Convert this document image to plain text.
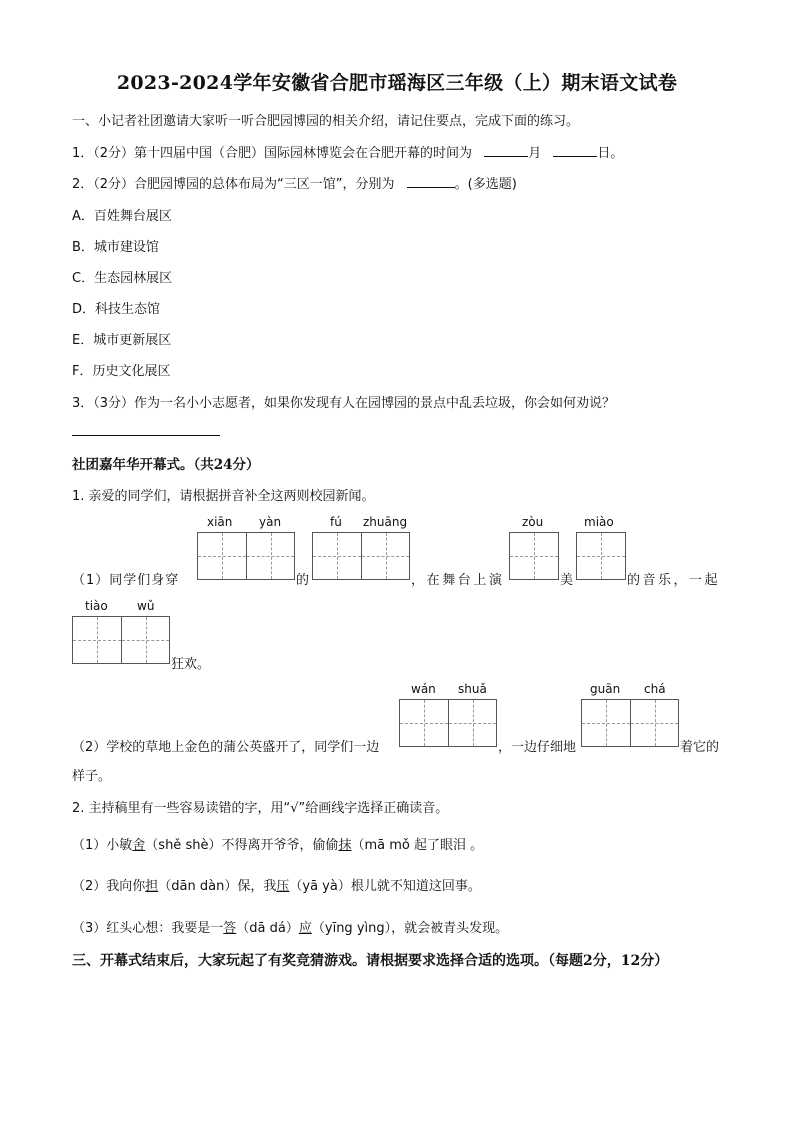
2023-2024学年安徽省合肥市瑶海区三年级（上）期末语文试卷
一、小记者社团邀请大家听一听合肥园博园的相关介绍，请记住要点，完成下面的练习。
1．（2分）第十四届中国（合肥）国际园林博览会在合肥开幕的时间为	月	日。
2．（2分）合肥园博园的总体布局为“三区一馆”，分别为	。(多选题)
A．百姓舞台展区
B．城市建设馆
C．生态园林展区
D．科技生态馆
E．城市更新展区
F．历史文化展区
3．（3分）作为一名小小志愿者，如果你发现有人在园博园的景点中乱丢垃圾，你会如何劝说？
社团嘉年华开幕式。（共24分）
1. 亲爱的同学们，请根据拼音补全这两则校园新闻。
xiān yàn	fú zhuāng	zòu	miào
（1）同学们身穿	的	，在舞台上演	美	的音乐，一起
tiào wǔ
狂欢。
wán shuǎ	guān chá
（2）学校的草地上金色的蒲公英盛开了，同学们一边	，一边仔细地	着它的
样子。
2. 主持稿里有一些容易读错的字，用“√”给画线字选择正确读音。
（1）小敏舍（shě shè）不得离开爷爷，偷偷抹（mā mǒ 起了眼泪 。
（2）我向你担（dān dàn）保，我压（yā yà）根儿就不知道这回事。
（3）红头心想：我要是一答（dā dá）应（yīng yìng），就会被青头发现。
三、开幕式结束后，大家玩起了有奖竞猜游戏。请根据要求选择合适的选项。（每题2分，12分）
